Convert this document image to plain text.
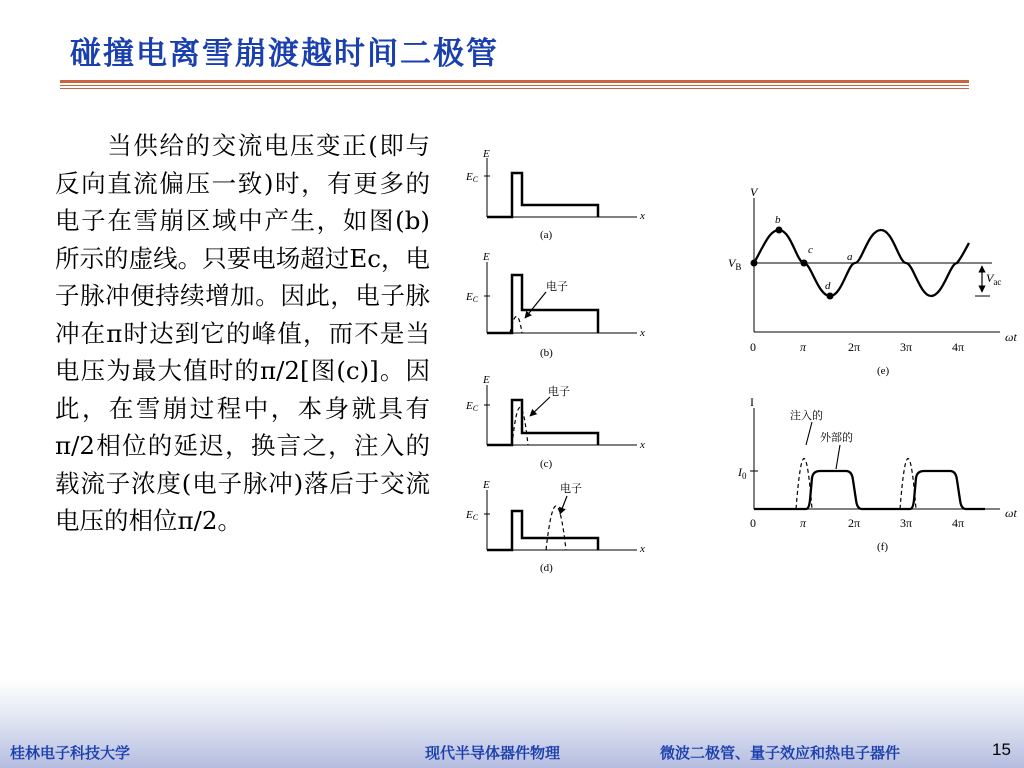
碰撞电离雪崩渡越时间二极管
　　当供给的交流电压变正(即与反向直流偏压一致)时，有更多的电子在雪崩区域中产生，如图(b)所示的虚线。只要电场超过Ec，电子脉冲便持续增加。因此，电子脉冲在π时达到它的峰值，而不是当电压为最大值时的π/2[图(c)]。因此，在雪崩过程中，本身就具有π/2相位的延迟，换言之，注入的载流子浓度(电子脉冲)落后于交流电压的相位π/2。
E
EC
x
(a)
E
EC
电子
x
(b)
E
EC
电子
x
(c)
E
EC
电子
x
(d)
V
$V_B$
$V_{ac}$
b
c
a
d
0	π	2π	3π	4π
ωt
(e)
I
$I_0$
注入的
外部的
0	π	2π	3π	4π
ωt
(f)
桂林电子科技大学	现代半导体器件物理	微波二极管、量子效应和热电子器件	15
